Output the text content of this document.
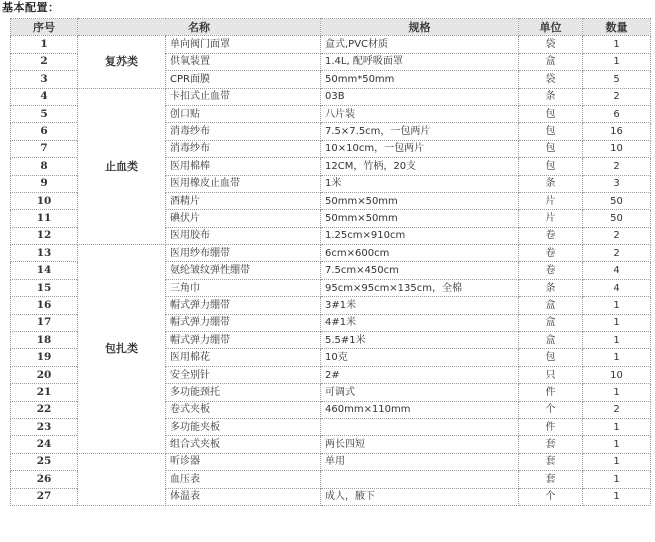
基本配置：
序号	名称		规格	单位	数量
1	复苏类	单向阀门面罩	盒式,PVC材质	袋	1
2		供氧装置	1.4L, 配呼吸面罩	盒	1
3		CPR面膜	50mm*50mm	袋	5
4	止血类	卡扣式止血带	03B	条	2
5		创口贴	八片装	包	6
6		消毒纱布	7.5×7.5cm，一包两片	包	16
7		消毒纱布	10×10cm，一包两片	包	10
8		医用棉棒	12CM，竹柄，20支	包	2
9		医用橡皮止血带	1米	条	3
10		酒精片	50mm×50mm	片	50
11		碘伏片	50mm×50mm	片	50
12		医用胶布	1.25cm×910cm	卷	2
13	包扎类	医用纱布绷带	6cm×600cm	卷	2
14		氨纶皱纹弹性绷带	7.5cm×450cm	卷	4
15		三角巾	95cm×95cm×135cm，全棉	条	4
16		帽式弹力绷带	3#1米	盒	1
17		帽式弹力绷带	4#1米	盒	1
18		帽式弹力绷带	5.5#1米	盒	1
19		医用棉花	10克	包	1
20		安全别针	2#	只	10
21		多功能颈托	可调式	件	1
22		卷式夹板	460mm×110mm	个	2
23		多功能夹板		件	1
24		组合式夹板	两长四短	套	1
25		听诊器	单用	套	1
26		血压表		套	1
27		体温表	成人，腋下	个	1
